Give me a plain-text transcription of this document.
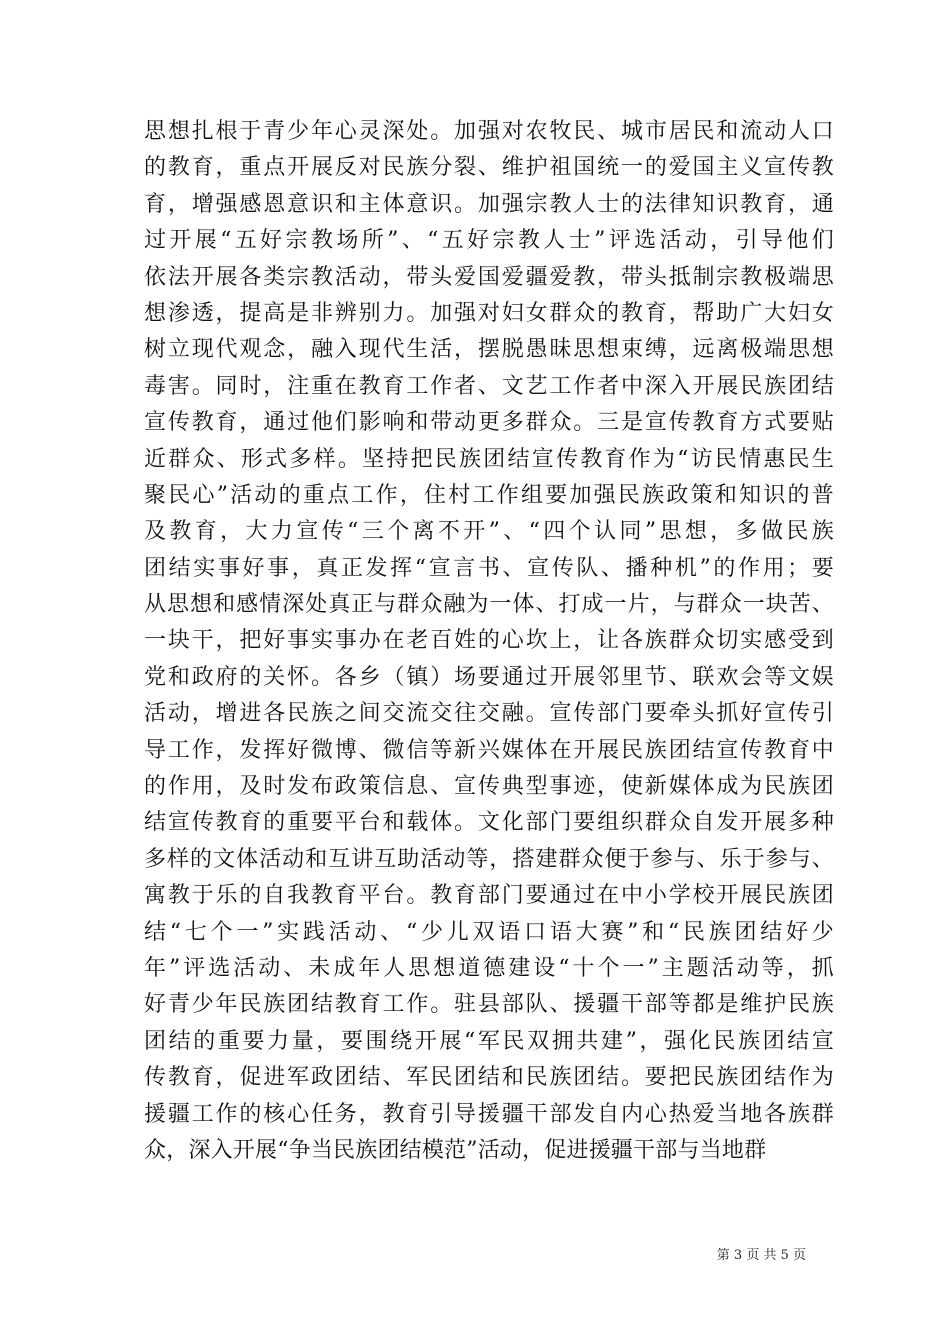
思想扎根于青少年心灵深处。加强对农牧民、城市居民和流动人口
的教育，重点开展反对民族分裂、维护祖国统一的爱国主义宣传教
育，增强感恩意识和主体意识。加强宗教人士的法律知识教育，通
过开展“五好宗教场所”、“五好宗教人士”评选活动，引导他们
依法开展各类宗教活动，带头爱国爱疆爱教，带头抵制宗教极端思
想渗透，提高是非辨别力。加强对妇女群众的教育，帮助广大妇女
树立现代观念，融入现代生活，摆脱愚昧思想束缚，远离极端思想
毒害。同时，注重在教育工作者、文艺工作者中深入开展民族团结
宣传教育，通过他们影响和带动更多群众。三是宣传教育方式要贴
近群众、形式多样。坚持把民族团结宣传教育作为“访民情惠民生
聚民心”活动的重点工作，住村工作组要加强民族政策和知识的普
及教育，大力宣传“三个离不开”、“四个认同”思想，多做民族
团结实事好事，真正发挥“宣言书、宣传队、播种机”的作用；要
从思想和感情深处真正与群众融为一体、打成一片，与群众一块苦、
一块干，把好事实事办在老百姓的心坎上，让各族群众切实感受到
党和政府的关怀。各乡（镇）场要通过开展邻里节、联欢会等文娱
活动，增进各民族之间交流交往交融。宣传部门要牵头抓好宣传引
导工作，发挥好微博、微信等新兴媒体在开展民族团结宣传教育中
的作用，及时发布政策信息、宣传典型事迹，使新媒体成为民族团
结宣传教育的重要平台和载体。文化部门要组织群众自发开展多种
多样的文体活动和互讲互助活动等，搭建群众便于参与、乐于参与、
寓教于乐的自我教育平台。教育部门要通过在中小学校开展民族团
结“七个一”实践活动、“少儿双语口语大赛”和“民族团结好少
年”评选活动、未成年人思想道德建设“十个一”主题活动等，抓
好青少年民族团结教育工作。驻县部队、援疆干部等都是维护民族
团结的重要力量，要围绕开展“军民双拥共建”，强化民族团结宣
传教育，促进军政团结、军民团结和民族团结。要把民族团结作为
援疆工作的核心任务，教育引导援疆干部发自内心热爱当地各族群
众，深入开展“争当民族团结模范”活动，促进援疆干部与当地群
第 3 页 共 5 页
